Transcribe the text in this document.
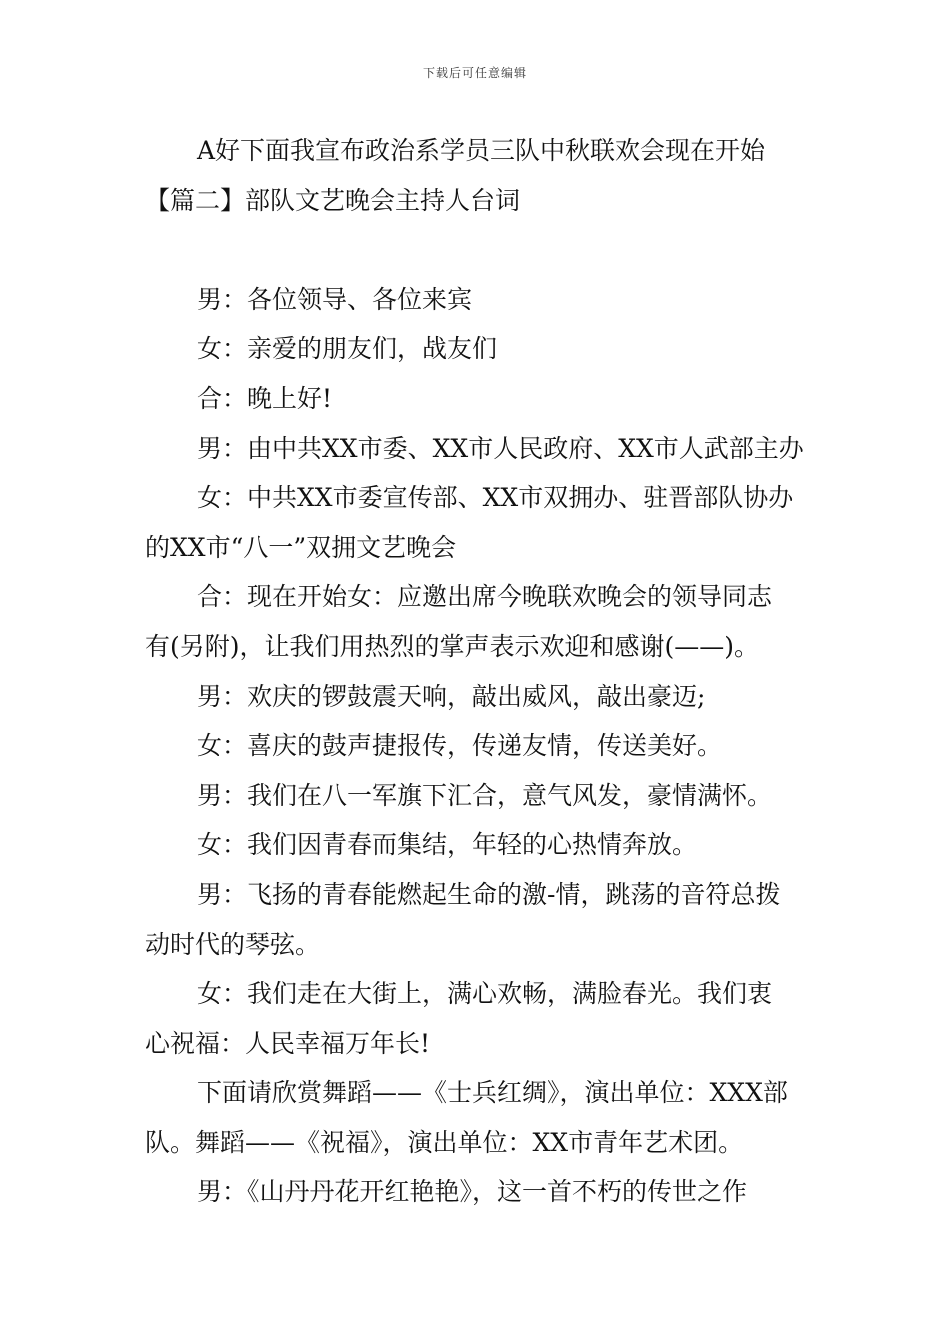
下载后可任意编辑
A好下面我宣布政治系学员三队中秋联欢会现在开始
【篇二】部队文艺晚会主持人台词
男：各位领导、各位来宾
女：亲爱的朋友们，战友们
合：晚上好!
男：由中共XX市委、XX市人民政府、XX市人武部主办
女：中共XX市委宣传部、XX市双拥办、驻晋部队协办
的XX市“八一”双拥文艺晚会
合：现在开始女：应邀出席今晚联欢晚会的领导同志
有(另附)，让我们用热烈的掌声表示欢迎和感谢(——)。
男：欢庆的锣鼓震天响，敲出威风，敲出豪迈;
女：喜庆的鼓声捷报传，传递友情，传送美好。
男：我们在八一军旗下汇合，意气风发，豪情满怀。
女：我们因青春而集结，年轻的心热情奔放。
男：飞扬的青春能燃起生命的激-情，跳荡的音符总拨
动时代的琴弦。
女：我们走在大街上，满心欢畅，满脸春光。我们衷
心祝福：人民幸福万年长!
下面请欣赏舞蹈——《士兵红绸》，演出单位：XXX部
队。舞蹈——《祝福》，演出单位：XX市青年艺术团。
男：《山丹丹花开红艳艳》，这一首不朽的传世之作
